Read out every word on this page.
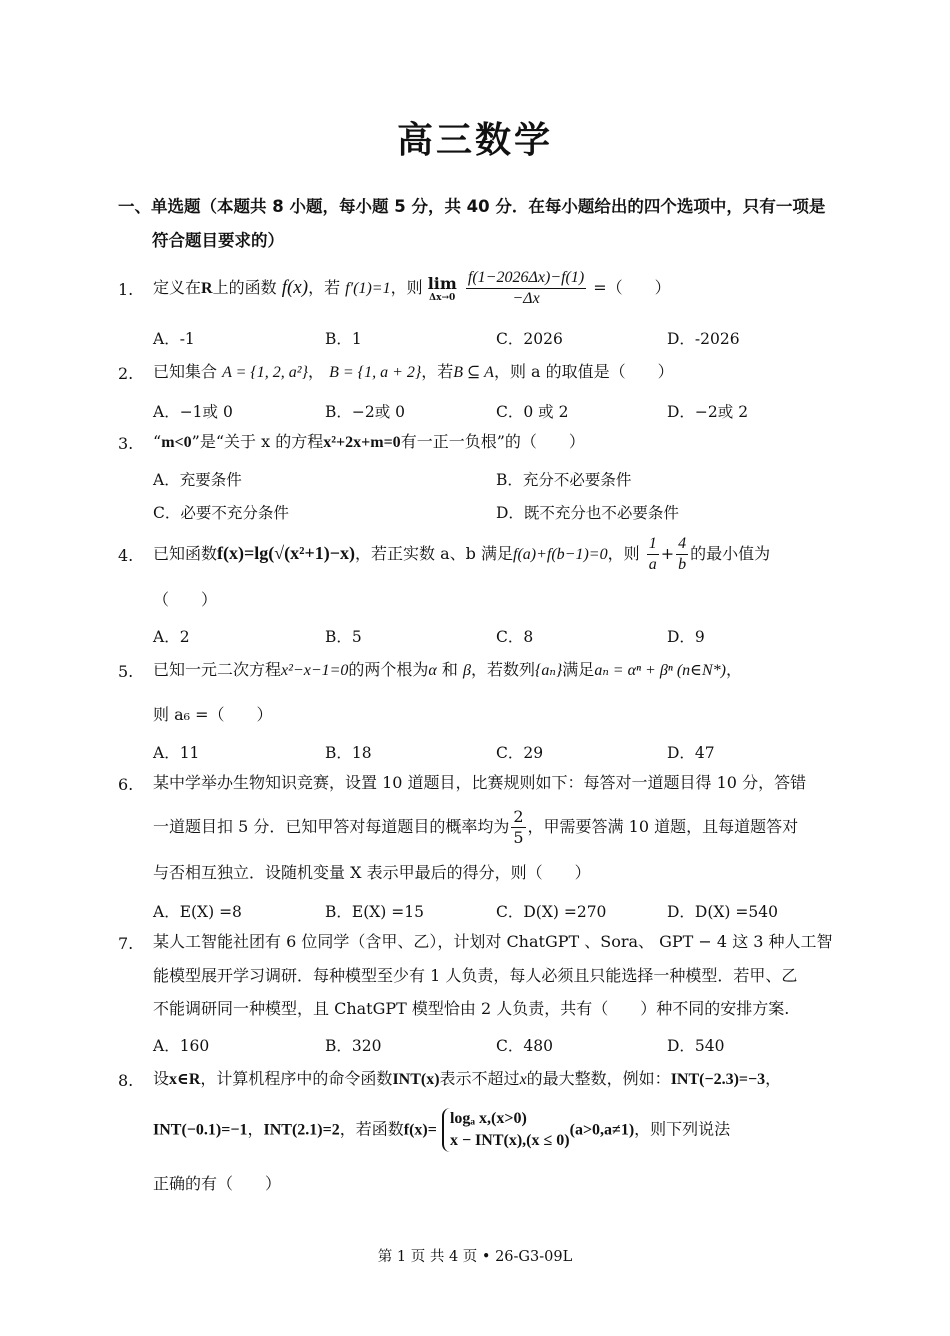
高三数学
一、单选题（本题共 8 小题，每小题 5 分，共 40 分．在每小题给出的四个选项中，只有一项是
符合题目要求的）
1. 定义在R上的函数 f(x)，若 f′(1)=1，则 lim
Δx→0
$\frac{f(1-2026\Delta x)-f(1)}{-\Delta x}$ =（　　）
A．-1	B．1	C．2026	D．-2026
2. 已知集合 A = {1, 2, a²}， B = {1, a + 2}，若B ⊆ A，则 a 的取值是（　　）
A．−1或 0	B．−2或 0	C．0 或 2	D．−2或 2
3. “m<0”是“关于 x 的方程x²+2x+m=0有一正一负根”的（　　）
A．充要条件	B．充分不必要条件
C．必要不充分条件	D．既不充分也不必要条件
4. 已知函数f(x)=lg(√(x²+1)−x)，若正实数 a、b 满足f(a)+f(b−1)=0，则 $\frac{1}{a} + \frac{4}{b}$ 的最小值为
（　　）
A．2	B．5	C．8	D．9
5. 已知一元二次方程x²−x−1=0的两个根为α 和 β，若数列{aₙ}满足aₙ = αⁿ + βⁿ (n∈N*)，
则 a₆ =（　　）
A．11	B．18	C．29	D．47
6. 某中学举办生物知识竞赛，设置 10 道题目，比赛规则如下：每答对一道题目得 10 分，答错
一道题目扣 5 分．已知甲答对每道题目的概率均为 $\frac{2}{5}$ ，甲需要答满 10 道题，且每道题答对
与否相互独立．设随机变量 X 表示甲最后的得分，则（　　）
A．E(X) =8	B．E(X) =15	C．D(X) =270	D．D(X) =540
7. 某人工智能社团有 6 位同学（含甲、乙），计划对 ChatGPT 、Sora、 GPT − 4 这 3 种人工智
能模型展开学习调研．每种模型至少有 1 人负责，每人必须且只能选择一种模型．若甲、乙
不能调研同一种模型，且 ChatGPT 模型恰由 2 人负责，共有（　　）种不同的安排方案.
A．160	B．320	C．480	D．540
8. 设x∈R，计算机程序中的命令函数INT(x)表示不超过x的最大整数，例如：INT(−2.3)=−3，
INT(−0.1)=−1，INT(2.1)=2，若函数f(x)=
logₐ x,(x>0)
x − INT(x),(x ≤ 0)
(a>0,a≠1)，则下列说法
正确的有（　　）
第 1 页 共 4 页 • 26-G3-09L
